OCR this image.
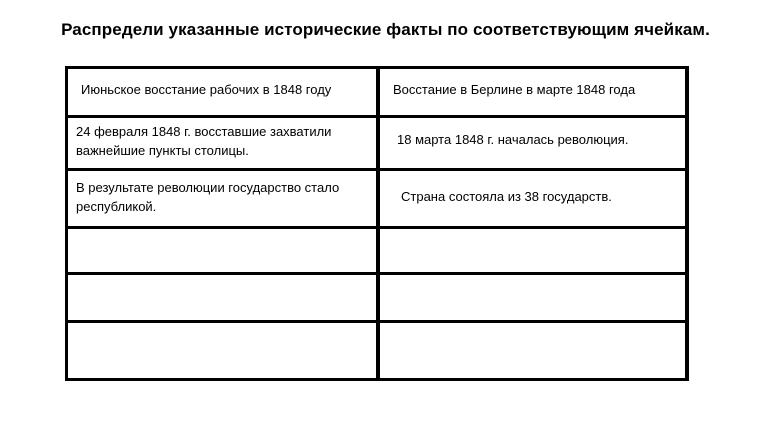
Распредели указанные исторические факты по соответствующим ячейкам.
Июньское восстание рабочих в 1848 году	Восстание в Берлине в марте 1848 года
24 февраля 1848 г. восставшие захватили
важнейшие пункты столицы.
18 марта 1848 г. началась революция.
В результате революции государство стало
республикой.
Страна состояла из 38 государств.
